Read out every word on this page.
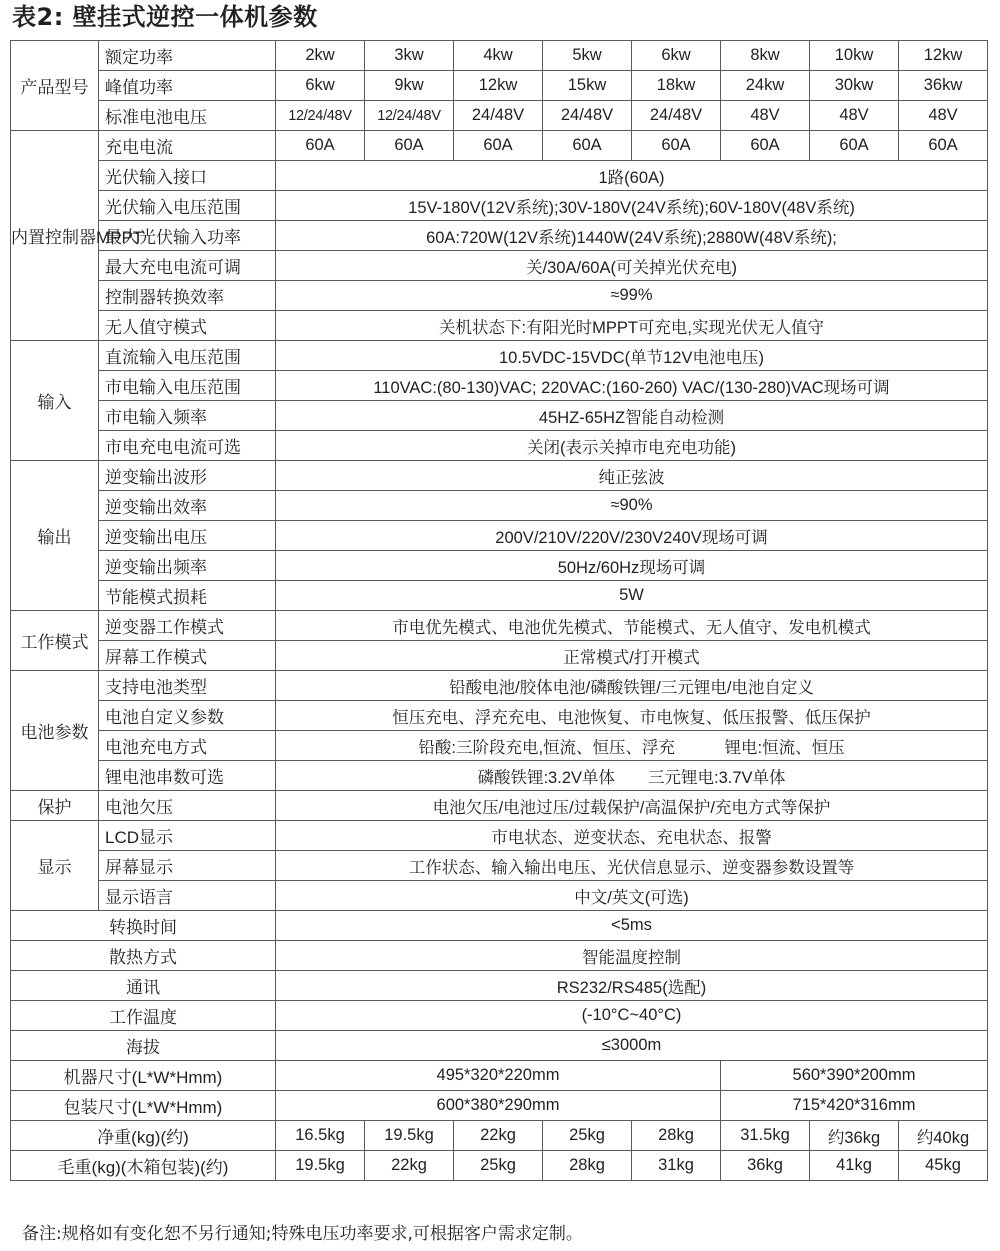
表2: 壁挂式逆控一体机参数
产品型号	额定功率	2kw	3kw	4kw	5kw	6kw	8kw	10kw	12kw
	峰值功率	6kw	9kw	12kw	15kw	18kw	24kw	30kw	36kw
	标准电池电压	12/24/48V	12/24/48V	24/48V	24/48V	24/48V	48V	48V	48V
内置控制器MPPT	充电电流	60A	60A	60A	60A	60A	60A	60A	60A
	光伏输入接口	1路(60A)							
	光伏输入电压范围	15V-180V(12V系统);30V-180V(24V系统);60V-180V(48V系统)							
	最大光伏输入功率	60A:720W(12V系统)1440W(24V系统);2880W(48V系统);							
	最大充电电流可调	关/30A/60A(可关掉光伏充电)							
	控制器转换效率	≈99%							
	无人值守模式	关机状态下:有阳光时MPPT可充电,实现光伏无人值守							
输入	直流输入电压范围	10.5VDC-15VDC(单节12V电池电压)							
	市电输入电压范围	110VAC:(80-130)VAC; 220VAC:(160-260) VAC/(130-280)VAC现场可调							
	市电输入频率	45HZ-65HZ智能自动检测							
	市电充电电流可选	关闭(表示关掉市电充电功能)							
输出	逆变输出波形	纯正弦波							
	逆变输出效率	≈90%							
	逆变输出电压	200V/210V/220V/230V240V现场可调							
	逆变输出频率	50Hz/60Hz现场可调							
	节能模式损耗	5W							
工作模式	逆变器工作模式	市电优先模式、电池优先模式、节能模式、无人值守、发电机模式							
	屏幕工作模式	正常模式/打开模式							
电池参数	支持电池类型	铅酸电池/胶体电池/磷酸铁锂/三元锂电/电池自定义							
	电池自定义参数	恒压充电、浮充充电、电池恢复、市电恢复、低压报警、低压保护							
	电池充电方式	铅酸:三阶段充电,恒流、恒压、浮充　　　锂电:恒流、恒压							
	锂电池串数可选	磷酸铁锂:3.2V单体　　三元锂电:3.7V单体							
保护	电池欠压	电池欠压/电池过压/过载保护/高温保护/充电方式等保护							
显示	LCD显示	市电状态、逆变状态、充电状态、报警							
	屏幕显示	工作状态、输入输出电压、光伏信息显示、逆变器参数设置等							
	显示语言	中文/英文(可选)							
转换时间		<5ms							
散热方式		智能温度控制							
通讯		RS232/RS485(选配)							
工作温度		(-10°C~40°C)							
海拔		≤3000m							
机器尺寸(L*W*Hmm)		495*320*220mm					560*390*200mm		
包装尺寸(L*W*Hmm)		600*380*290mm					715*420*316mm		
净重(kg)(约)		16.5kg	19.5kg	22kg	25kg	28kg	31.5kg	约36kg	约40kg
毛重(kg)(木箱包装)(约)		19.5kg	22kg	25kg	28kg	31kg	36kg	41kg	45kg

备注:规格如有变化恕不另行通知;特殊电压功率要求,可根据客户需求定制。
